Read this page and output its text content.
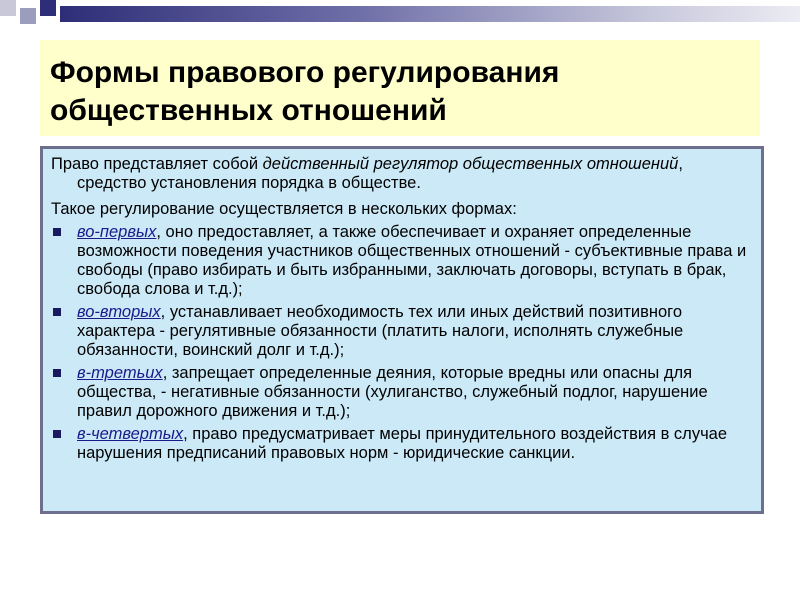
Формы правового регулирования
общественных отношений

Право представляет собой действенный регулятор общественных отношений, средство установления порядка в обществе.

Такое регулирование осуществляется в нескольких формах:

во-первых, оно предоставляет, а также обеспечивает и охраняет определенные возможности поведения участников общественных отношений - субъективные права и свободы (право избирать и быть избранными, заключать договоры, вступать в брак, свобода слова и т.д.);
во-вторых, устанавливает необходимость тех или иных действий позитивного характера - регулятивные обязанности (платить налоги, исполнять служебные обязанности, воинский долг и т.д.);
в-третьих, запрещает определенные деяния, которые вредны или опасны для общества, - негативные обязанности (хулиганство, служебный подлог, нарушение правил дорожного движения и т.д.);
в-четвертых, право предусматривает меры принудительного воздействия в случае нарушения предписаний правовых норм - юридические санкции.
